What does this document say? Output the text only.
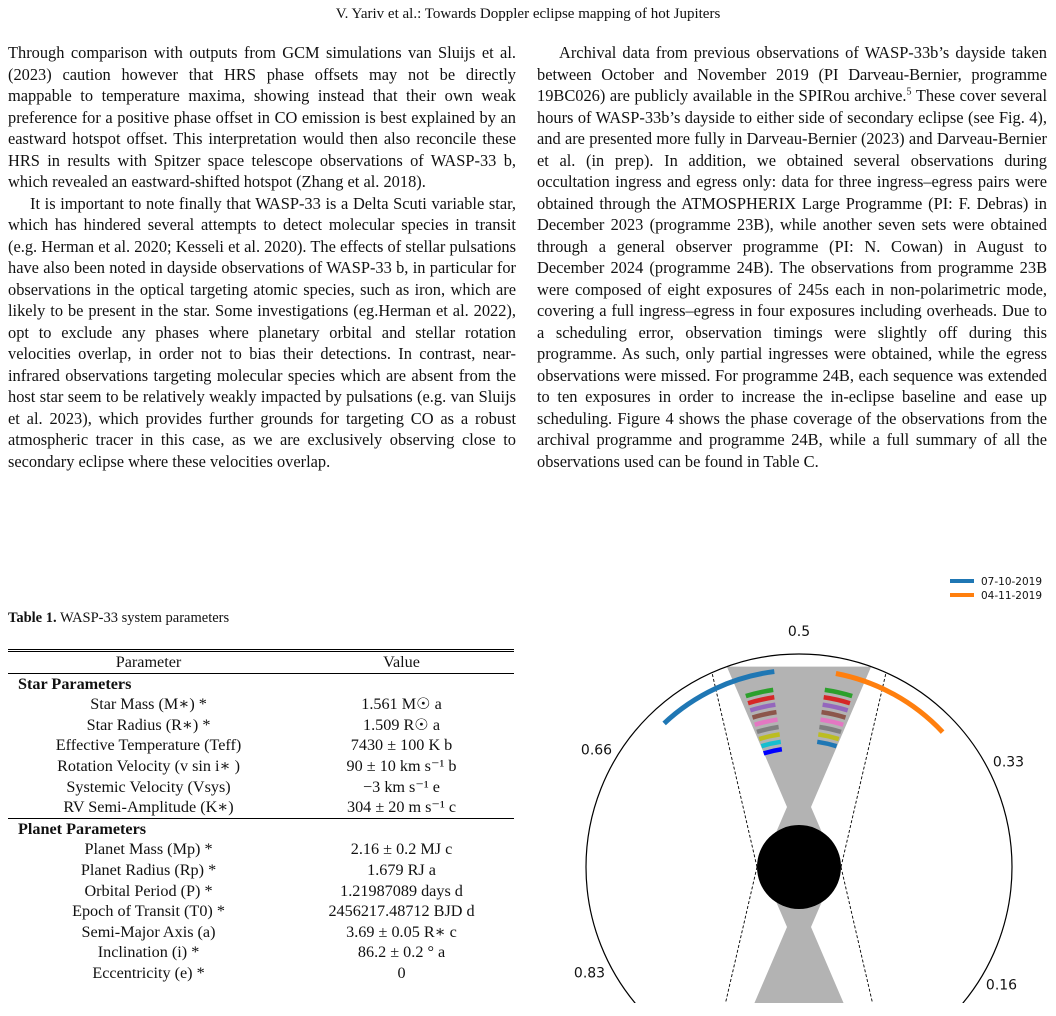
V. Yariv et al.: Towards Doppler eclipse mapping of hot Jupiters

Through comparison with outputs from GCM simulations van Sluijs et al. (2023) caution however that HRS phase offsets may not be directly mappable to temperature maxima, showing instead that their own weak preference for a positive phase offset in CO emission is best explained by an eastward hotspot offset. This interpretation would then also reconcile these HRS in results with Spitzer space telescope observations of WASP-33 b, which revealed an eastward-shifted hotspot (Zhang et al. 2018).

It is important to note finally that WASP-33 is a Delta Scuti variable star, which has hindered several attempts to detect molecular species in transit (e.g. Herman et al. 2020; Kesseli et al. 2020). The effects of stellar pulsations have also been noted in dayside observations of WASP-33 b, in particular for observations in the optical targeting atomic species, such as iron, which are likely to be present in the star. Some investigations (eg.Herman et al. 2022), opt to exclude any phases where planetary orbital and stellar rotation velocities overlap, in order not to bias their detections. In contrast, near-infrared observations targeting molecular species which are absent from the host star seem to be relatively weakly impacted by pulsations (e.g. van Sluijs et al. 2023), which provides further grounds for targeting CO as a robust atmospheric tracer in this case, as we are exclusively observing close to secondary eclipse where these velocities overlap.

Archival data from previous observations of WASP-33b’s dayside taken between October and November 2019 (PI Darveau-Bernier, programme 19BC026) are publicly available in the SPIRou archive.$^5$ These cover several hours of WASP-33b’s dayside to either side of secondary eclipse (see Fig. 4), and are presented more fully in Darveau-Bernier (2023) and Darveau-Bernier et al. (in prep). In addition, we obtained several observations during occultation ingress and egress only: data for three ingress–egress pairs were obtained through the ATMOSPHERIX Large Programme (PI: F. Debras) in December 2023 (programme 23B), while another seven sets were obtained through a general observer programme (PI: N. Cowan) in August to December 2024 (programme 24B). The observations from programme 23B were composed of eight exposures of 245s each in non-polarimetric mode, covering a full ingress–egress in four exposures including overheads. Due to a scheduling error, observation timings were slightly off during this programme. As such, only partial ingresses were obtained, while the egress observations were missed. For programme 24B, each sequence was extended to ten exposures in order to increase the in-eclipse baseline and ease up scheduling. Figure 4 shows the phase coverage of the observations from the archival programme and programme 24B, while a full summary of all the observations used can be found in Table C.

Table 1. WASP-33 system parameters
Parameter	Value
Star Parameters	
Star Mass (M∗) *	1.561 M☉ a
Star Radius (R∗) *	1.509 R☉ a
Effective Temperature (Teff)	7430 ± 100 K b
Rotation Velocity (v sin i∗ )	90 ± 10 km s⁻¹ b
Systemic Velocity (Vsys)	−3 km s⁻¹ e
RV Semi-Amplitude (K∗)	304 ± 20 m s⁻¹ c
Planet Parameters	
Planet Mass (Mp) *	2.16 ± 0.2 MJ c
Planet Radius (Rp) *	1.679 RJ a
Orbital Period (P) *	1.21987089 days d
Epoch of Transit (T0) *	2456217.48712 BJD d
Semi-Major Axis (a)	3.69 ± 0.05 R∗ c
Inclination (i) *	86.2 ± 0.2 ° a
Eccentricity (e) *	0
0.5
0.33
0.16
0.83
0.66
07-10-2019
04-11-2019
